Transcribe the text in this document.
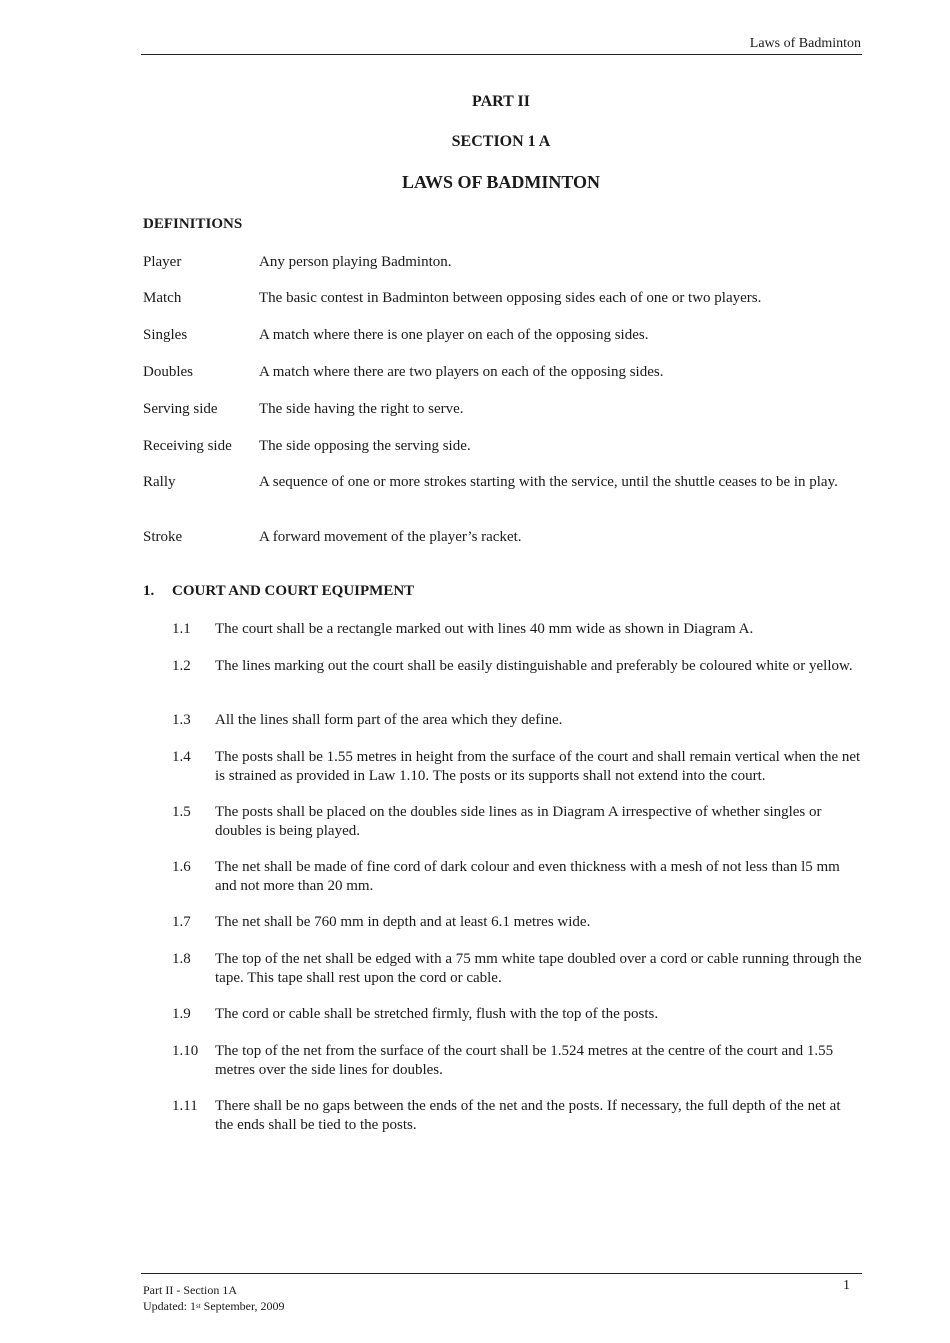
Laws of Badminton
PART II
SECTION 1 A
LAWS OF BADMINTON
DEFINITIONS
Player	Any person playing Badminton.
Match	The basic contest in Badminton between opposing sides each of one or two players.
Singles	A match where there is one player on each of the opposing sides.
Doubles	A match where there are two players on each of the opposing sides.
Serving side	The side having the right to serve.
Receiving side	The side opposing the serving side.
Rally	A sequence of one or more strokes starting with the service, until the shuttle ceases to be in play.
Stroke	A forward movement of the player’s racket.
1. COURT AND COURT EQUIPMENT
1.1	The court shall be a rectangle marked out with lines 40 mm wide as shown in Diagram A.
1.2	The lines marking out the court shall be easily distinguishable and preferably be coloured white or yellow.
1.3	All the lines shall form part of the area which they define.
1.4	The posts shall be 1.55 metres in height from the surface of the court and shall remain vertical when the net is strained as provided in Law 1.10. The posts or its supports shall not extend into the court.
1.5	The posts shall be placed on the doubles side lines as in Diagram A irrespective of whether singles or doubles is being played.
1.6	The net shall be made of fine cord of dark colour and even thickness with a mesh of not less than l5 mm and not more than 20 mm.
1.7	The net shall be 760 mm in depth and at least 6.1 metres wide.
1.8	The top of the net shall be edged with a 75 mm white tape doubled over a cord or cable running through the tape. This tape shall rest upon the cord or cable.
1.9	The cord or cable shall be stretched firmly, flush with the top of the posts.
1.10	The top of the net from the surface of the court shall be 1.524 metres at the centre of the court and 1.55 metres over the side lines for doubles.
1.11	There shall be no gaps between the ends of the net and the posts. If necessary, the full depth of the net at the ends shall be tied to the posts.
Part II - Section 1A
Updated: 1st September, 2009
1
